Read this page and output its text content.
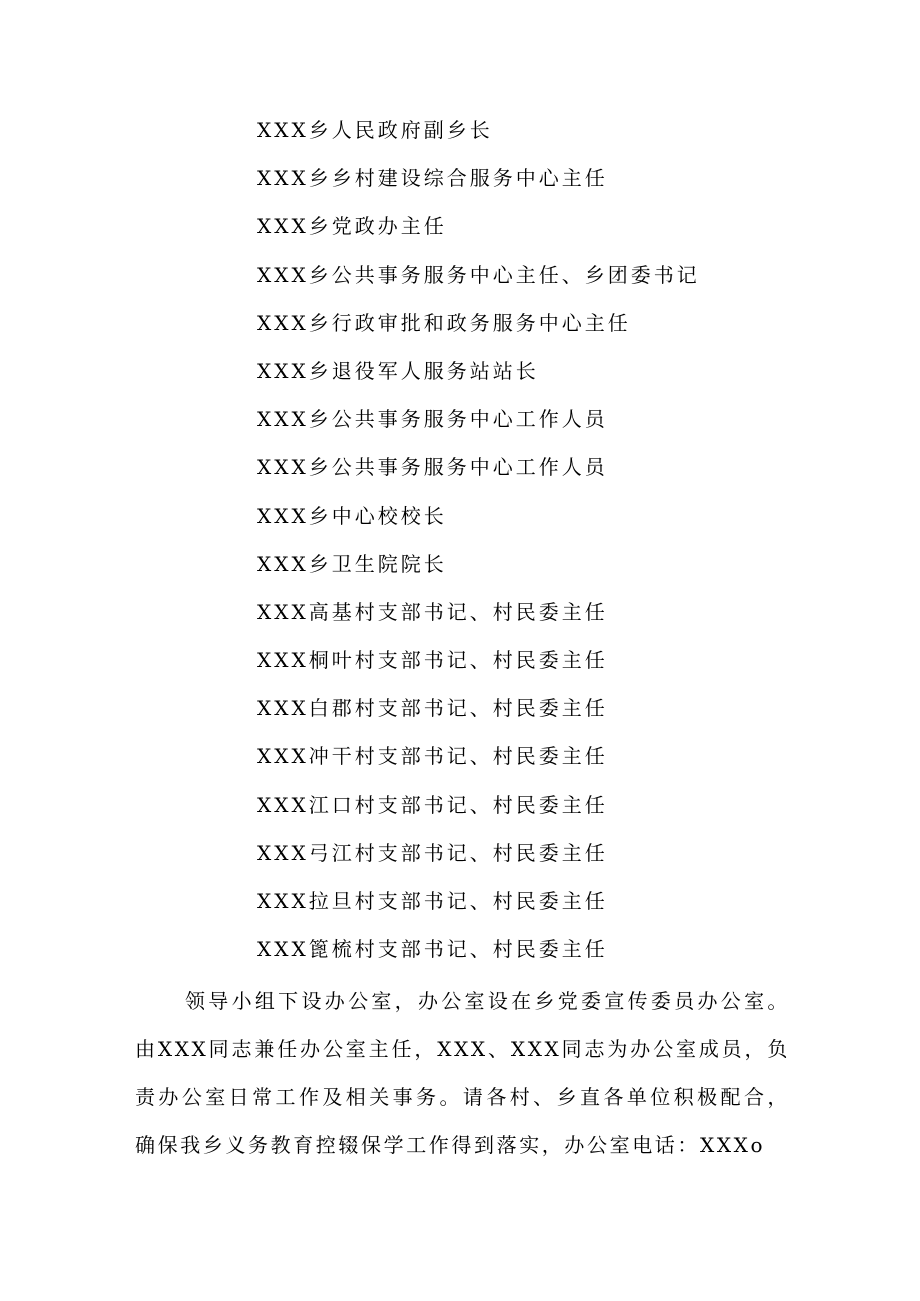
XXX乡人民政府副乡长
XXX乡乡村建设综合服务中心主任
XXX乡党政办主任
XXX乡公共事务服务中心主任、乡团委书记
XXX乡行政审批和政务服务中心主任
XXX乡退役军人服务站站长
XXX乡公共事务服务中心工作人员
XXX乡公共事务服务中心工作人员
XXX乡中心校校长
XXX乡卫生院院长
XXX高基村支部书记、村民委主任
XXX桐叶村支部书记、村民委主任
XXX白郡村支部书记、村民委主任
XXX冲干村支部书记、村民委主任
XXX江口村支部书记、村民委主任
XXX弓江村支部书记、村民委主任
XXX拉旦村支部书记、村民委主任
XXX篦梳村支部书记、村民委主任

领导小组下设办公室，办公室设在乡党委宣传委员办公室。由XXX同志兼任办公室主任，XXX、XXX同志为办公室成员，负责办公室日常工作及相关事务。请各村、乡直各单位积极配合，确保我乡义务教育控辍保学工作得到落实，办公室电话：XXXo
